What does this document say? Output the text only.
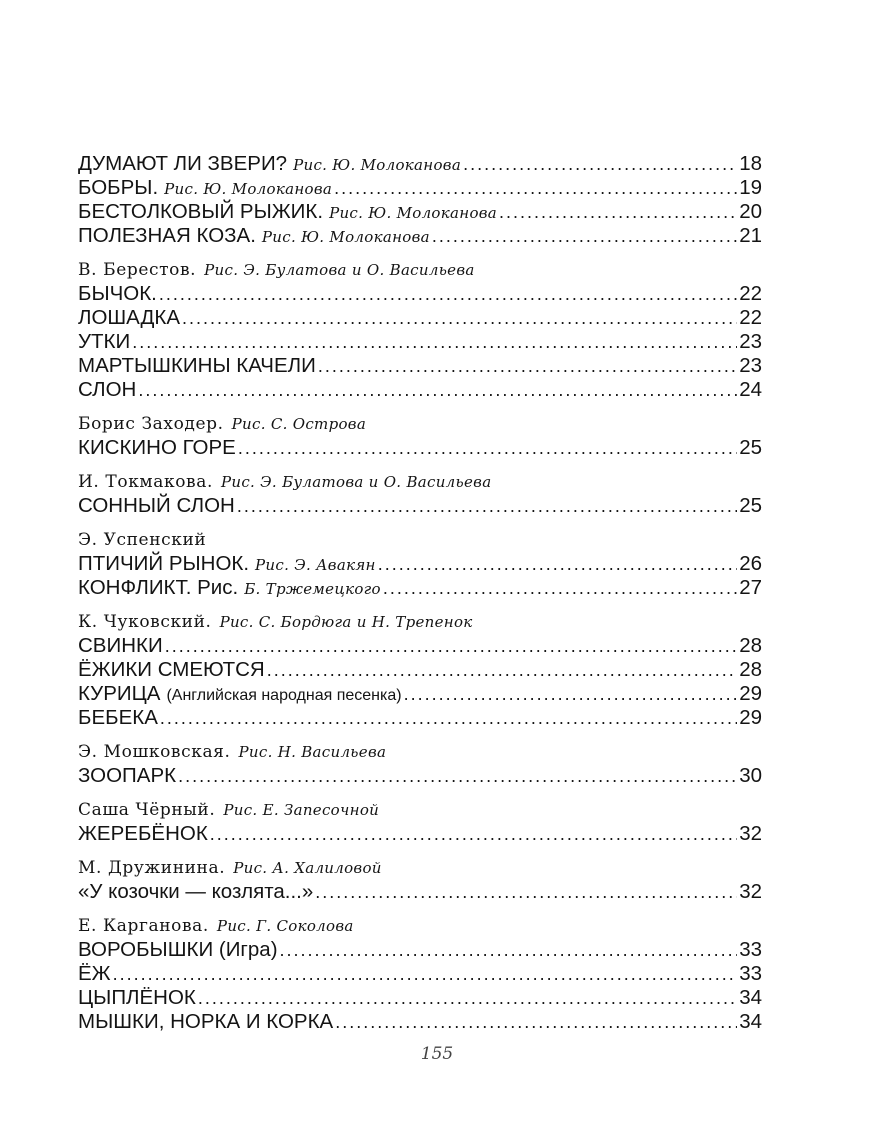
ДУМАЮТ ЛИ ЗВЕРИ? Рис. Ю. Молоканова .....	18
БОБРЫ. Рис. Ю. Молоканова .....	19
БЕСТОЛКОВЫЙ РЫЖИК. Рис. Ю. Молоканова .....	20
ПОЛЕЗНАЯ КОЗА. Рис. Ю. Молоканова .....	21
В. Берестов. Рис. Э. Булатова и О. Васильева
БЫЧОК. .....	22
ЛОШАДКА .....	22
УТКИ .....	23
МАРТЫШКИНЫ КАЧЕЛИ .....	23
СЛОН .....	24
Борис Заходер. Рис. С. Острова
КИСКИНО ГОРЕ .....	25
И. Токмакова. Рис. Э. Булатова и О. Васильева
СОННЫЙ СЛОН .....	25
Э. Успенский
ПТИЧИЙ РЫНОК. Рис. Э. Авакян .....	26
КОНФЛИКТ. Рис. Б. Тржемецкого .....	27
К. Чуковский. Рис. С. Бордюга и Н. Трепенок
СВИНКИ .....	28
ЁЖИКИ СМЕЮТСЯ .....	28
КУРИЦА (Английская народная песенка) .....	29
БЕБЕКА .....	29
Э. Мошковская. Рис. Н. Васильева
ЗООПАРК .....	30
Саша Чёрный. Рис. Е. Запесочной
ЖЕРЕБЁНОК .....	32
М. Дружинина. Рис. А. Халиловой
«У козочки — козлята...» .....	32
Е. Карганова. Рис. Г. Соколова
ВОРОБЫШКИ (Игра) .....	33
ЁЖ .....	33
ЦЫПЛЁНОК .....	34
МЫШКИ, НОРКА И КОРКА .....	34
155
